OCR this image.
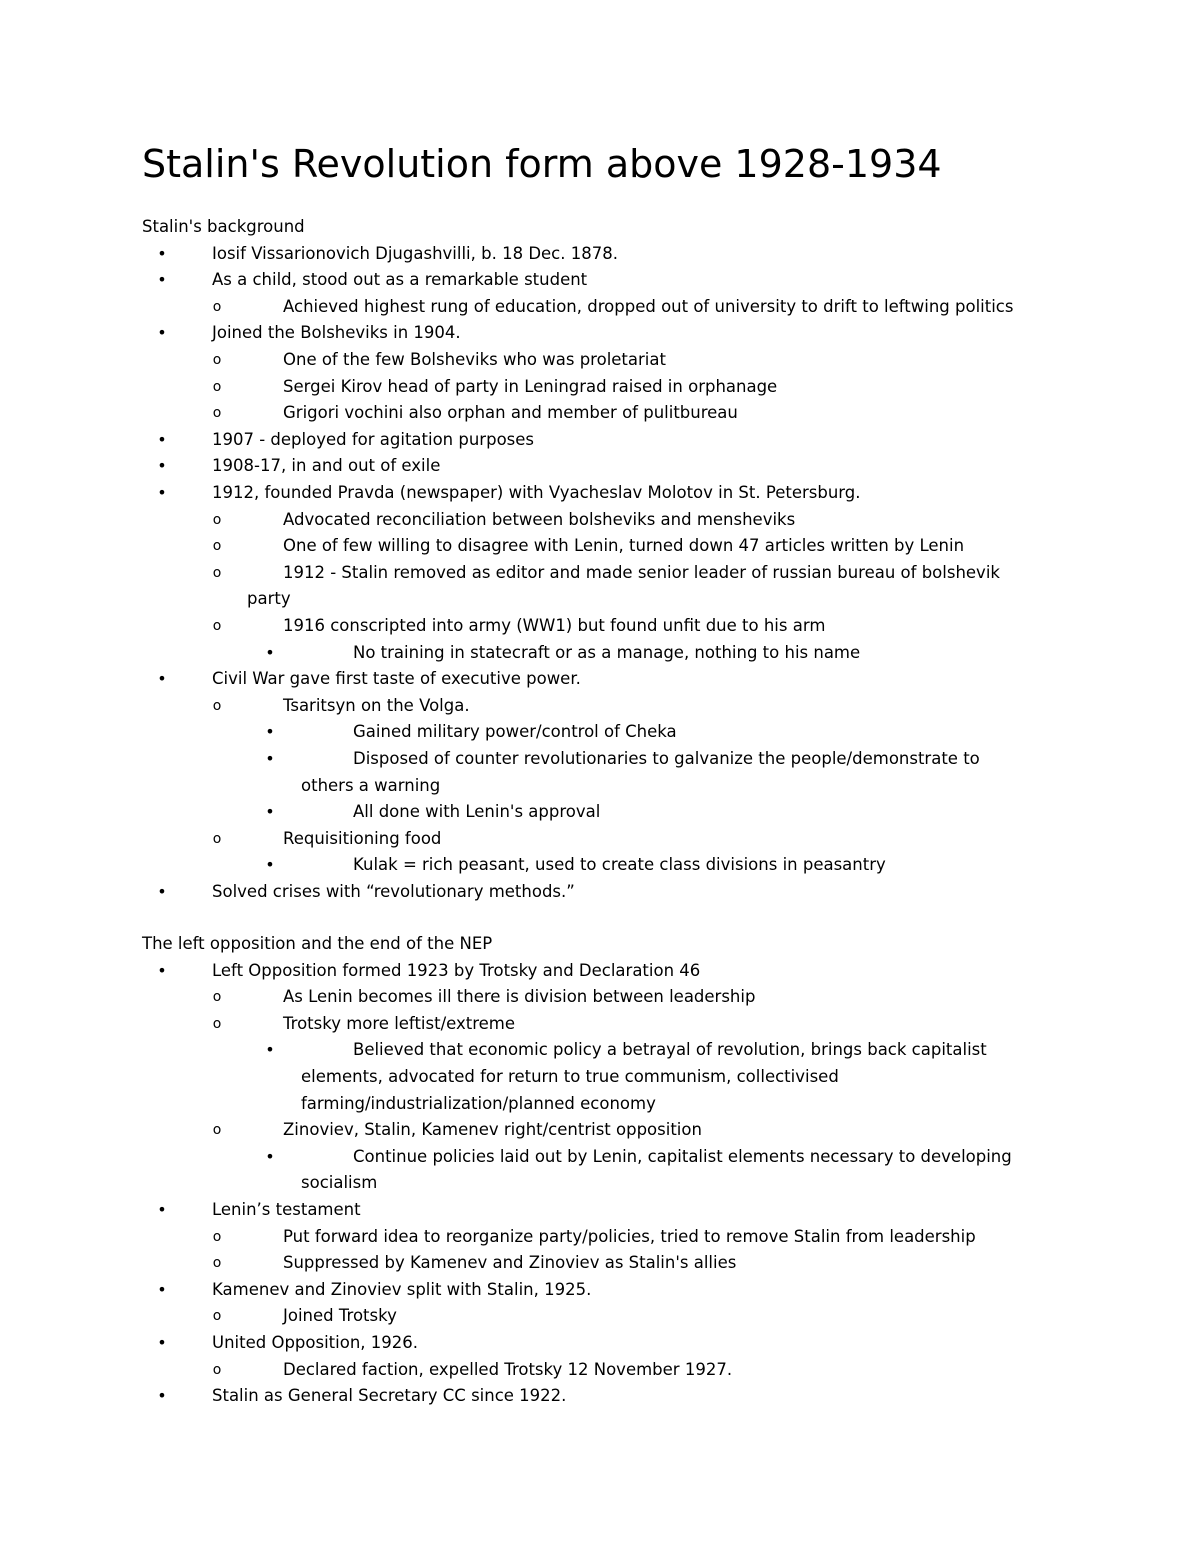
Stalin's Revolution form above 1928-1934
Stalin's background
•	Iosif Vissarionovich Djugashvilli, b. 18 Dec. 1878.
•	As a child, stood out as a remarkable student
o	Achieved highest rung of education, dropped out of university to drift to leftwing politics
•	Joined the Bolsheviks in 1904.
o	One of the few Bolsheviks who was proletariat
o	Sergei Kirov head of party in Leningrad raised in orphanage
o	Grigori vochini also orphan and member of pulitbureau
•	1907 - deployed for agitation purposes
•	1908-17, in and out of exile
•	1912, founded Pravda (newspaper) with Vyacheslav Molotov in St. Petersburg.
o	Advocated reconciliation between bolsheviks and mensheviks
o	One of few willing to disagree with Lenin, turned down 47 articles written by Lenin
o	1912 - Stalin removed as editor and made senior leader of russian bureau of bolshevik
party
o	1916 conscripted into army (WW1) but found unfit due to his arm
•	No training in statecraft or as a manage, nothing to his name
•	Civil War gave first taste of executive power.
o	Tsaritsyn on the Volga.
•	Gained military power/control of Cheka
•	Disposed of counter revolutionaries to galvanize the people/demonstrate to
others a warning
•	All done with Lenin's approval
o	Requisitioning food
•	Kulak = rich peasant, used to create class divisions in peasantry
•	Solved crises with “revolutionary methods.”
The left opposition and the end of the NEP
•	Left Opposition formed 1923 by Trotsky and Declaration 46
o	As Lenin becomes ill there is division between leadership
o	Trotsky more leftist/extreme
•	Believed that economic policy a betrayal of revolution, brings back capitalist
elements, advocated for return to true communism, collectivised
farming/industrialization/planned economy
o	Zinoviev, Stalin, Kamenev right/centrist opposition
•	Continue policies laid out by Lenin, capitalist elements necessary to developing
socialism
•	Lenin’s testament
o	Put forward idea to reorganize party/policies, tried to remove Stalin from leadership
o	Suppressed by Kamenev and Zinoviev as Stalin's allies
•	Kamenev and Zinoviev split with Stalin, 1925.
o	Joined Trotsky
•	United Opposition, 1926.
o	Declared faction, expelled Trotsky 12 November 1927.
•	Stalin as General Secretary CC since 1922.
